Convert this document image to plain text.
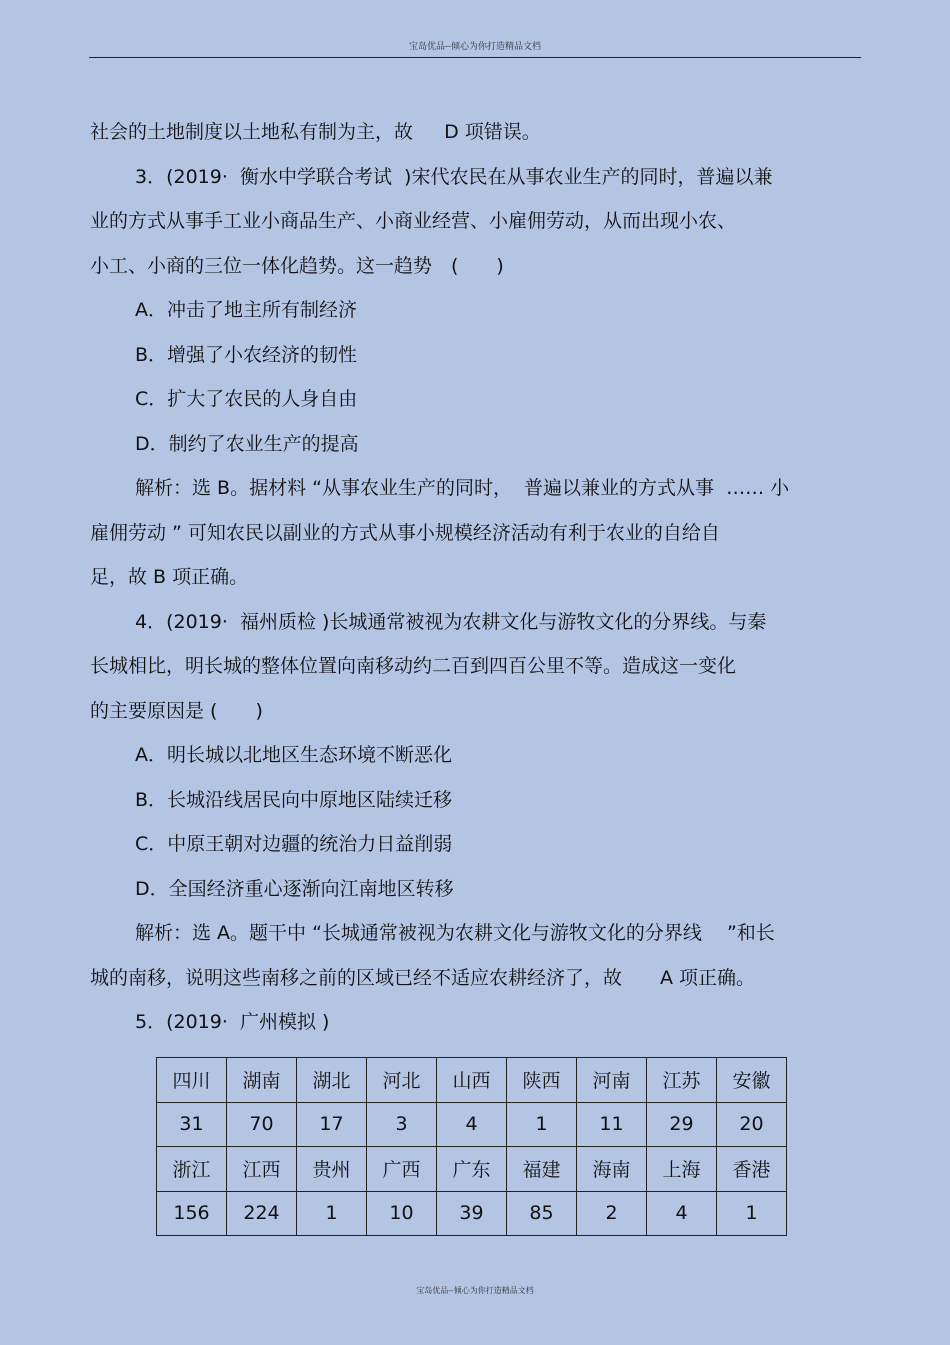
宝岛优品--倾心为你打造精品文档
社会的土地制度以土地私有制为主，故　  D 项错误。
3．(2019·  衡水中学联合考试  )宋代农民在从事农业生产的同时，普遍以兼
业的方式从事手工业小商品生产、小商业经营、小雇佣劳动，从而出现小农、
小工、小商的三位一体化趋势。这一趋势　(　　)
A．冲击了地主所有制经济
B．增强了小农经济的韧性
C．扩大了农民的人身自由
D．制约了农业生产的提高
解析：选 B。据材料 “从事农业生产的同时，  普遍以兼业的方式从事  …… 小
雇佣劳动 ” 可知农民以副业的方式从事小规模经济活动有利于农业的自给自
足，故 B 项正确。
4．(2019·  福州质检 )长城通常被视为农耕文化与游牧文化的分界线。与秦
长城相比，明长城的整体位置向南移动约二百到四百公里不等。造成这一变化
的主要原因是 (　　)
A．明长城以北地区生态环境不断恶化
B．长城沿线居民向中原地区陆续迁移
C．中原王朝对边疆的统治力日益削弱
D．全国经济重心逐渐向江南地区转移
解析：选 A。题干中 “长城通常被视为农耕文化与游牧文化的分界线　 ”和长
城的南移，说明这些南移之前的区域已经不适应农耕经济了，故　　A 项正确。
5．(2019·  广州模拟 )
四川	湖南	湖北	河北	山西	陕西	河南	江苏	安徽
31	70	17	3	4	1	11	29	20
浙江	江西	贵州	广西	广东	福建	海南	上海	香港
156	224	1	10	39	85	2	4	1
宝岛优品--倾心为你打造精品文档
